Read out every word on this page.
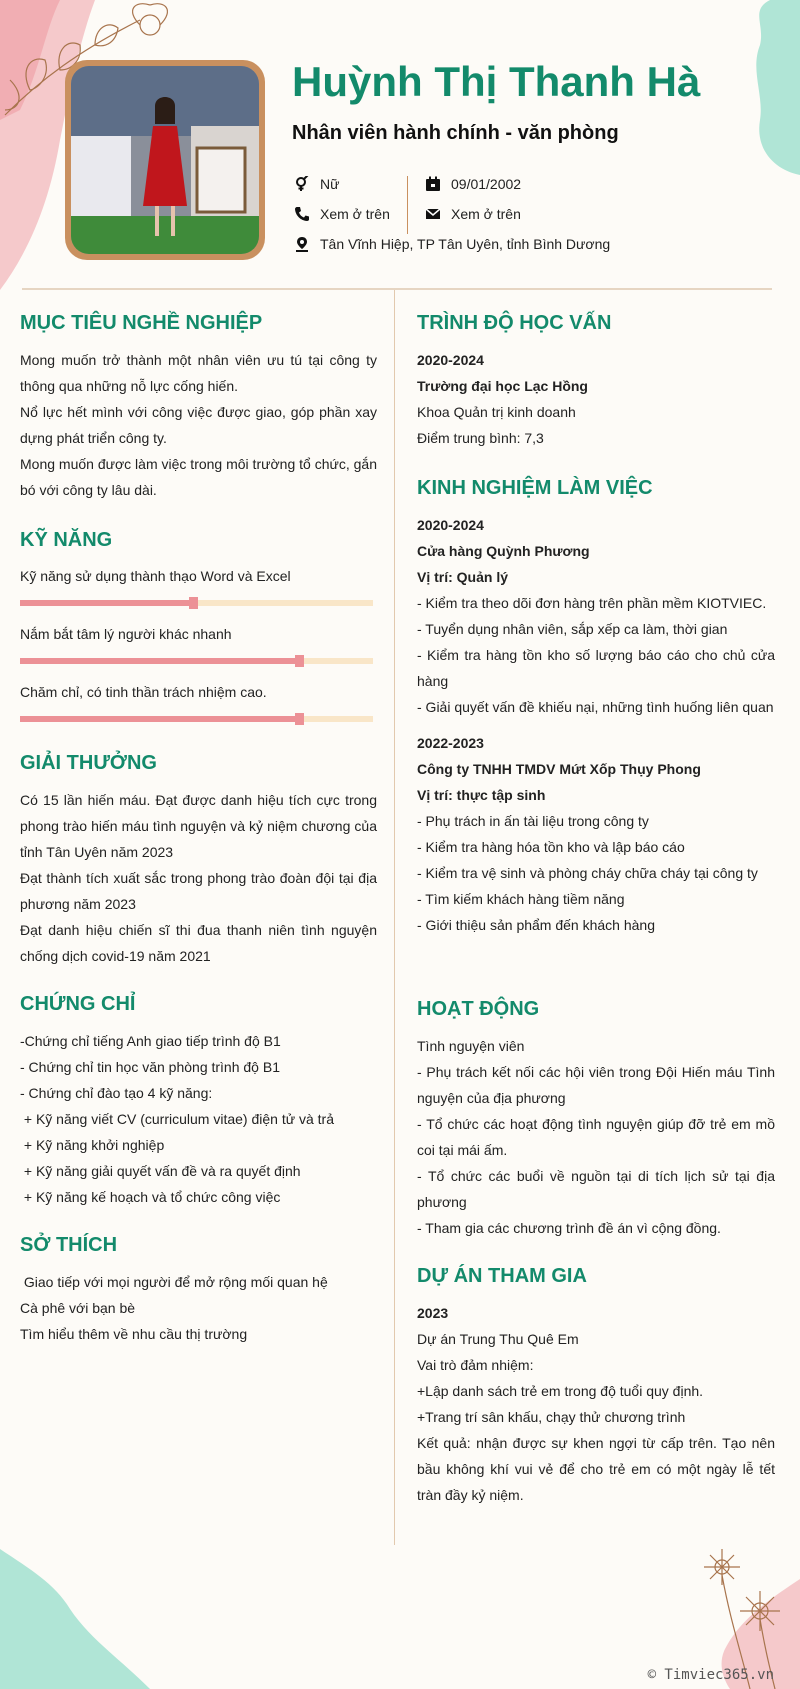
Huỳnh Thị Thanh Hà

Nhân viên hành chính - văn phòng

Nữ
Xem ở trên
09/01/2002
Xem ở trên
Tân Vĩnh Hiệp, TP Tân Uyên, tỉnh Bình Dương
MỤC TIÊU NGHỀ NGHIỆP

Mong muốn trở thành một nhân viên ưu tú tại công ty thông qua những nỗ lực cống hiến.

Nổ lực hết mình với công việc được giao, góp phần xay dựng phát triển công ty.

Mong muốn được làm việc trong môi trường tổ chức, gắn bó với công ty lâu dài.

KỸ NĂNG
Kỹ năng sử dụng thành thạo Word và Excel
Nắm bắt tâm lý người khác nhanh
Chăm chỉ, có tinh thần trách nhiệm cao.
GIẢI THƯỞNG

Có 15 lần hiến máu. Đạt được danh hiệu tích cực trong phong trào hiến máu tình nguyện và kỷ niệm chương của tỉnh Tân Uyên năm 2023

Đạt thành tích xuất sắc trong phong trào đoàn đội tại địa phương năm 2023

Đạt danh hiệu chiến sĩ thi đua thanh niên tình nguyện chống dịch covid-19 năm 2021

CHỨNG CHỈ

-Chứng chỉ tiếng Anh giao tiếp trình độ B1

- Chứng chỉ tin học văn phòng trình độ B1

- Chứng chỉ đào tạo 4 kỹ năng:

+ Kỹ năng viết CV (curriculum vitae) điện tử và trả

+ Kỹ năng khởi nghiệp

+ Kỹ năng giải quyết vấn đề và ra quyết định

+ Kỹ năng kế hoạch và tổ chức công việc

SỞ THÍCH

Giao tiếp với mọi người để mở rộng mối quan hệ

Cà phê với bạn bè

Tìm hiểu thêm về nhu cầu thị trường

TRÌNH ĐỘ HỌC VẤN

2020-2024

Trường đại học Lạc Hồng

Khoa Quản trị kinh doanh

Điểm trung bình: 7,3

KINH NGHIỆM LÀM VIỆC

2020-2024

Cửa hàng Quỳnh Phương

Vị trí: Quản lý

- Kiểm tra theo dõi đơn hàng trên phần mềm KIOTVIEC.

- Tuyển dụng nhân viên, sắp xếp ca làm, thời gian

- Kiểm tra hàng tồn kho số lượng báo cáo cho chủ cửa hàng

- Giải quyết vấn đề khiếu nại, những tình huống liên quan

2022-2023

Công ty TNHH TMDV Mứt Xốp Thụy Phong

Vị trí: thực tập sinh

- Phụ trách in ấn tài liệu trong công ty

- Kiểm tra hàng hóa tồn kho và lập báo cáo

- Kiểm tra vệ sinh và phòng cháy chữa cháy tại công ty

- Tìm kiếm khách hàng tiềm năng

- Giới thiệu sản phẩm đến khách hàng

HOẠT ĐỘNG

Tình nguyện viên

- Phụ trách kết nối các hội viên trong Đội Hiến máu Tình nguyện của địa phương

- Tổ chức các hoạt động tình nguyện giúp đỡ trẻ em mồ coi tại mái ấm.

- Tổ chức các buổi về nguồn tại di tích lịch sử tại địa phương

- Tham gia các chương trình đề án vì cộng đồng.

DỰ ÁN THAM GIA

2023

Dự án Trung Thu Quê Em

Vai trò đảm nhiệm:

+Lập danh sách trẻ em trong độ tuổi quy định.

+Trang trí sân khấu, chạy thử chương trình

Kết quả: nhận được sự khen ngợi từ cấp trên. Tạo nên bầu không khí vui vẻ để cho trẻ em có một ngày lễ tết tràn đầy kỷ niệm.

© Timviec365.vn
